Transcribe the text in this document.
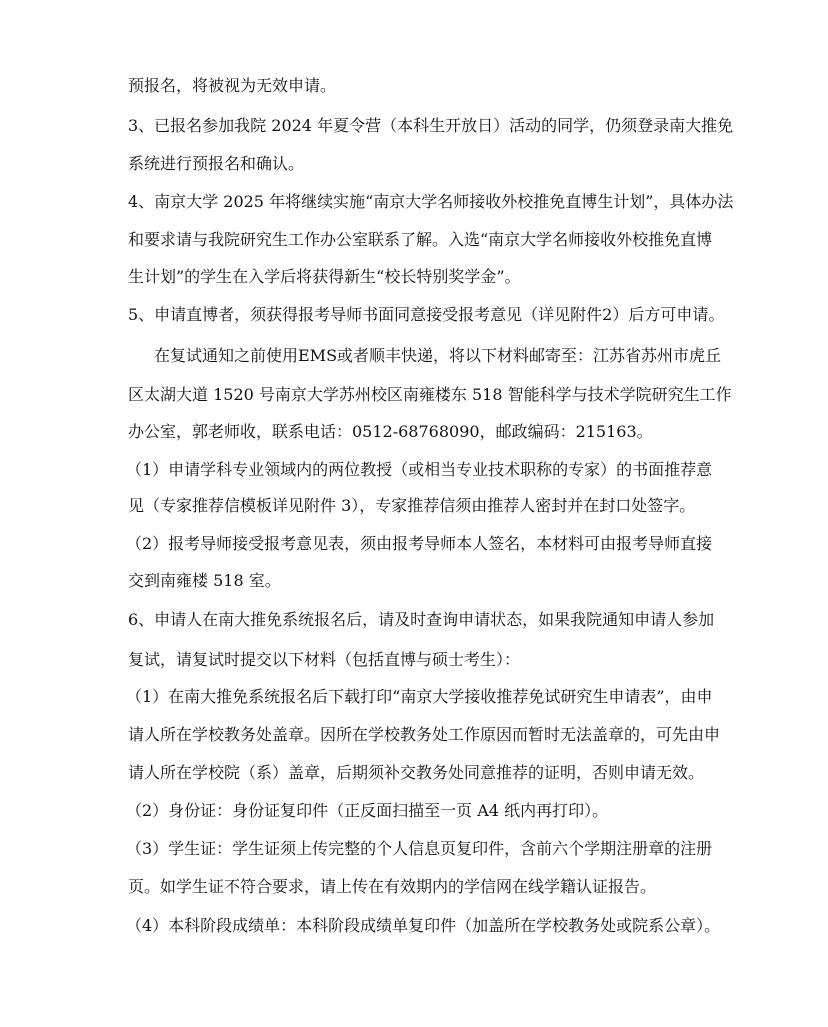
预报名，将被视为无效申请。
3、已报名参加我院 2024 年夏令营（本科生开放日）活动的同学，仍须登录南大推免
系统进行预报名和确认。
4、南京大学 2025 年将继续实施“南京大学名师接收外校推免直博生计划”，具体办法
和要求请与我院研究生工作办公室联系了解。入选“南京大学名师接收外校推免直博
生计划”的学生在入学后将获得新生“校长特别奖学金”。
5、申请直博者，须获得报考导师书面同意接受报考意见（详见附件2）后方可申请。
在复试通知之前使用EMS或者顺丰快递，将以下材料邮寄至：江苏省苏州市虎丘
区太湖大道 1520 号南京大学苏州校区南雍楼东 518 智能科学与技术学院研究生工作
办公室，郭老师收，联系电话：0512-68768090，邮政编码：215163。
（1）申请学科专业领域内的两位教授（或相当专业技术职称的专家）的书面推荐意
见（专家推荐信模板详见附件 3），专家推荐信须由推荐人密封并在封口处签字。
（2）报考导师接受报考意见表，须由报考导师本人签名，本材料可由报考导师直接
交到南雍楼 518 室。
6、申请人在南大推免系统报名后，请及时查询申请状态，如果我院通知申请人参加
复试，请复试时提交以下材料（包括直博与硕士考生）：
（1）在南大推免系统报名后下载打印“南京大学接收推荐免试研究生申请表”，由申
请人所在学校教务处盖章。因所在学校教务处工作原因而暂时无法盖章的，可先由申
请人所在学校院（系）盖章，后期须补交教务处同意推荐的证明，否则申请无效。
（2）身份证：身份证复印件（正反面扫描至一页 A4 纸内再打印）。
（3）学生证：学生证须上传完整的个人信息页复印件，含前六个学期注册章的注册
页。如学生证不符合要求，请上传在有效期内的学信网在线学籍认证报告。
（4）本科阶段成绩单：本科阶段成绩单复印件（加盖所在学校教务处或院系公章）。
